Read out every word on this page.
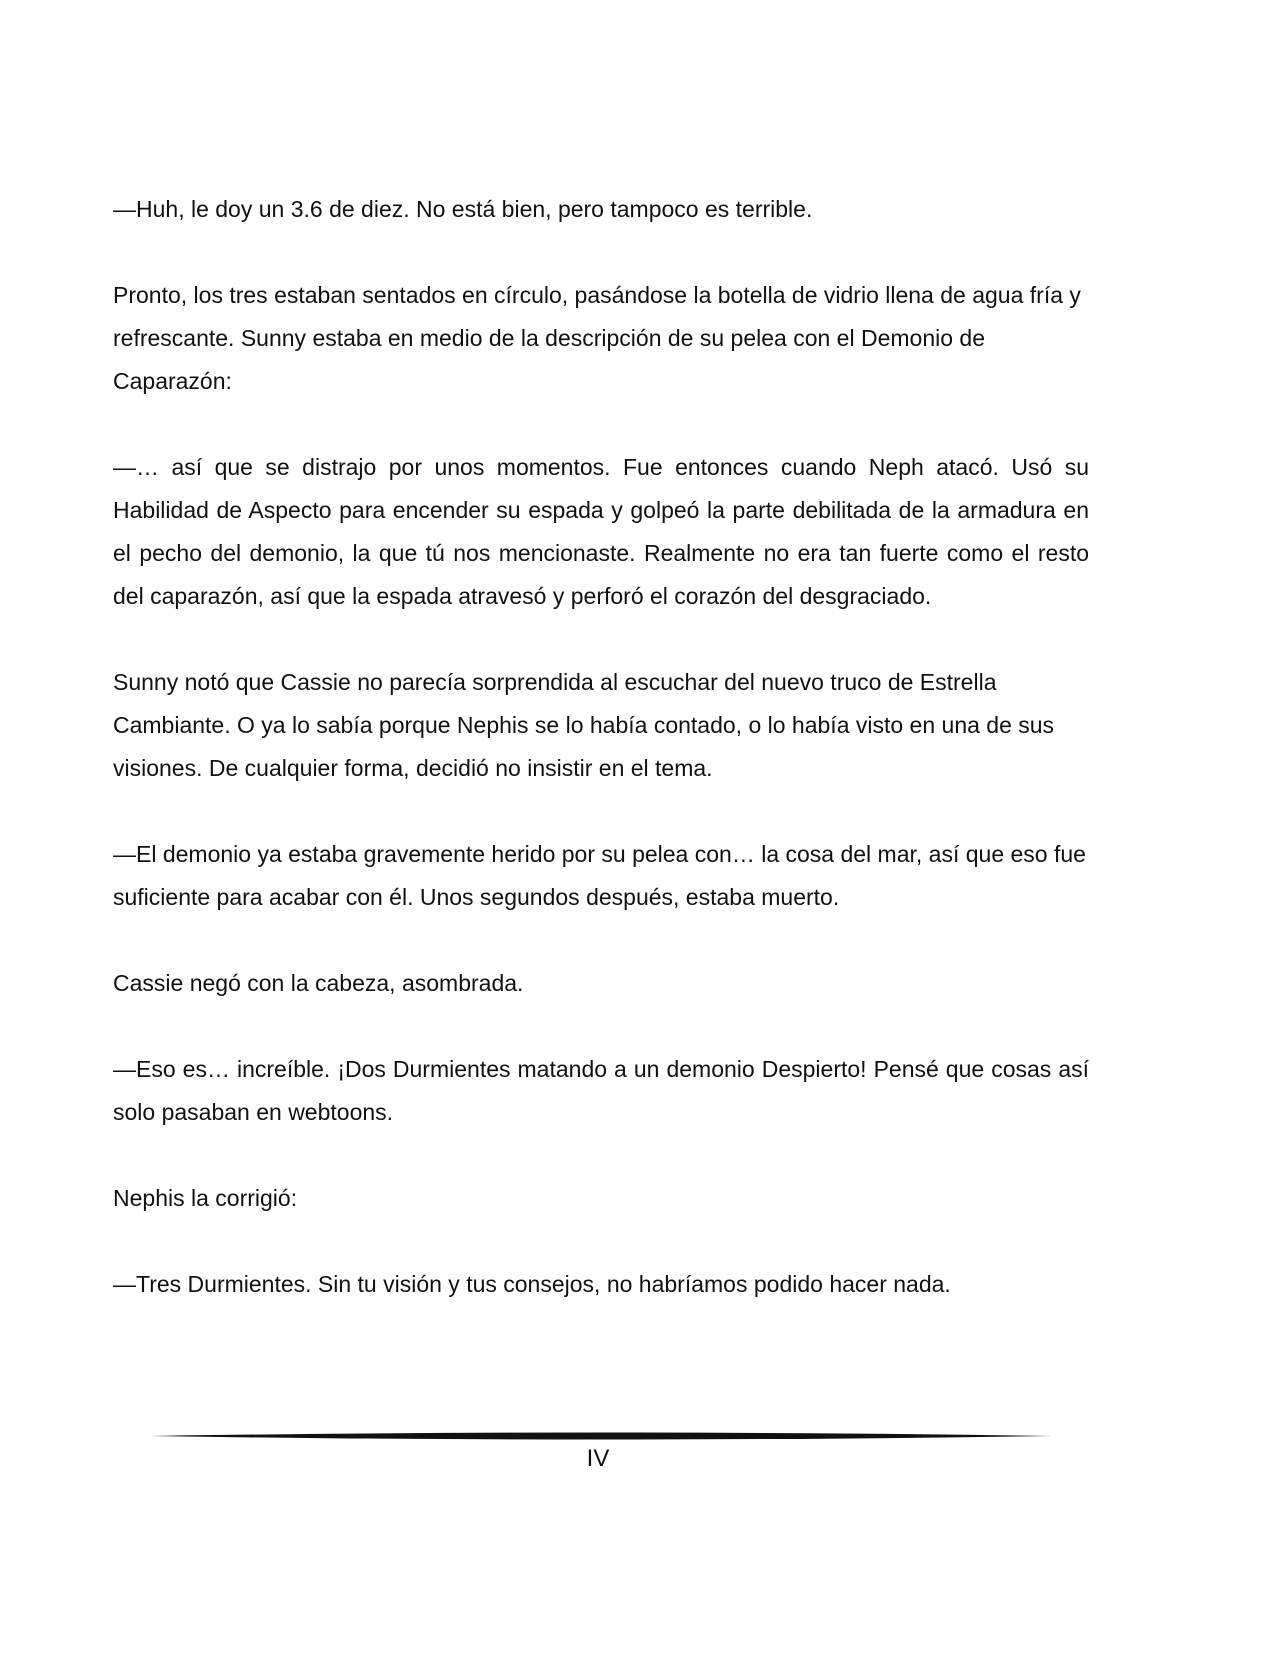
—Huh, le doy un 3.6 de diez. No está bien, pero tampoco es terrible.

Pronto, los tres estaban sentados en círculo, pasándose la botella de vidrio llena de agua fría y refrescante. Sunny estaba en medio de la descripción de su pelea con el Demonio de Caparazón:

—… así que se distrajo por unos momentos. Fue entonces cuando Neph atacó. Usó su Habilidad de Aspecto para encender su espada y golpeó la parte debilitada de la armadura en el pecho del demonio, la que tú nos mencionaste. Realmente no era tan fuerte como el resto del caparazón, así que la espada atravesó y perforó el corazón del desgraciado.

Sunny notó que Cassie no parecía sorprendida al escuchar del nuevo truco de Estrella Cambiante. O ya lo sabía porque Nephis se lo había contado, o lo había visto en una de sus visiones. De cualquier forma, decidió no insistir en el tema.

—El demonio ya estaba gravemente herido por su pelea con… la cosa del mar, así que eso fue suficiente para acabar con él. Unos segundos después, estaba muerto.

Cassie negó con la cabeza, asombrada.

—Eso es… increíble. ¡Dos Durmientes matando a un demonio Despierto! Pensé que cosas así solo pasaban en webtoons.

Nephis la corrigió:

—Tres Durmientes. Sin tu visión y tus consejos, no habríamos podido hacer nada.

IV
